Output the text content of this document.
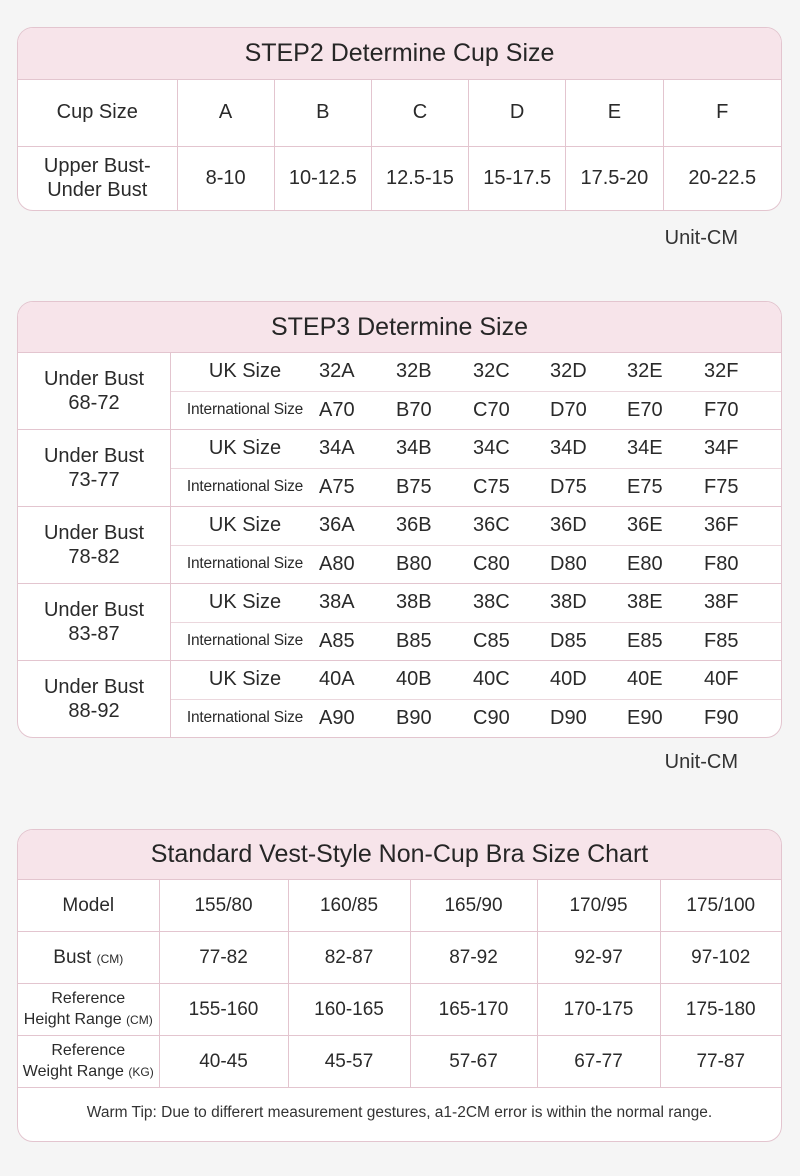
STEP2 Determine Cup Size
Cup Size	A	B	C	D	E	F

Upper Bust-
Under Bust	8-10	10-12.5	12.5-15	15-17.5	17.5-20	20-22.5
Unit-CM
STEP3 Determine Size
Under Bust
68-72
UK Size	32A	32B	32C	32D	32E	32F
International Size A70	B70	C70	D70	E70	F70
Under Bust
73-77
UK Size	34A	34B	34C	34D	34E	34F
International Size A75	B75	C75	D75	E75	F75
Under Bust
78-82
UK Size	36A	36B	36C	36D	36E	36F
International Size A80	B80	C80	D80	E80	F80
Under Bust
83-87
UK Size	38A	38B	38C	38D	38E	38F
International Size A85	B85	C85	D85	E85	F85
Under Bust
88-92
UK Size	40A	40B	40C	40D	40E	40F
International Size A90	B90	C90	D90	E90	F90
Unit-CM
Standard Vest-Style Non-Cup Bra Size Chart
Model	155/80	160/85	165/90	170/95	175/100
Bust (CM)	77-82	82-87	87-92	92-97	97-102

Reference
Height Range (CM)	155-160	160-165	165-170	170-175	175-180

Reference
Weight Range (KG)	40-45	45-57	57-67	67-77	77-87
Warm Tip: Due to differert measurement gestures, a1-2CM error is within the normal range.
